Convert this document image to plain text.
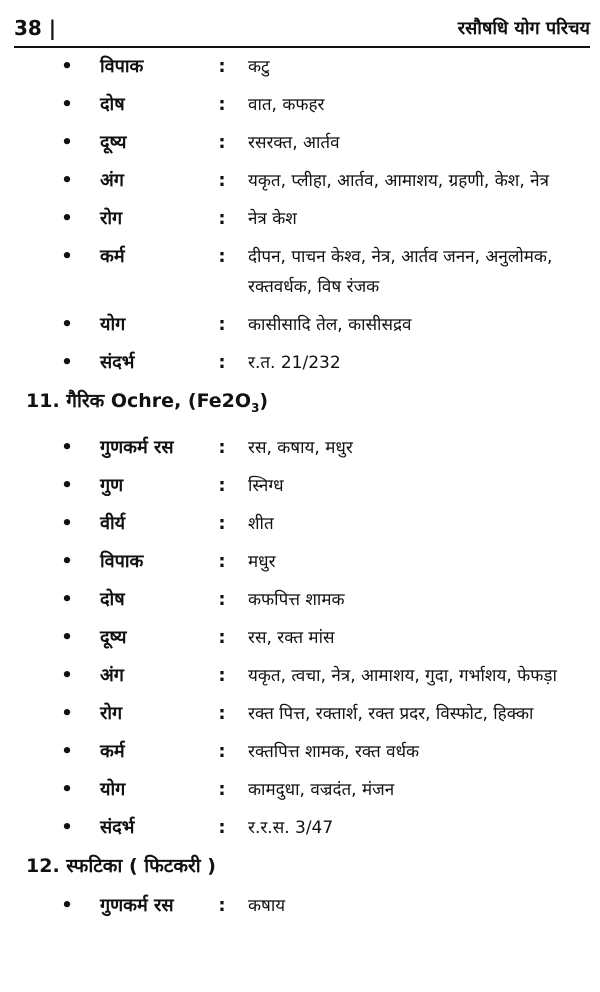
38 |	रसौषधि योग परिचय
• विपाक	: कटु
• दोष	: वात, कफहर
• दूष्य	: रसरक्त, आर्तव
• अंग	: यकृत, प्लीहा, आर्तव, आमाशय, ग्रहणी, केश, नेत्र
• रोग	: नेत्र केश
• कर्म	: दीपन, पाचन केश्व, नेत्र, आर्तव जनन, अनुलोमक, रक्तवर्धक, विष रंजक
• योग	: कासीसादि तेल, कासीसद्रव
• संदर्भ	: र.त. 21/232
11. गैरिक Ochre, $(Fe2O_3)$
• गुणकर्म रस	: रस, कषाय, मधुर
• गुण	: स्निग्ध
• वीर्य	: शीत
• विपाक	: मधुर
• दोष	: कफपित्त शामक
• दूष्य	: रस, रक्त मांस
• अंग	: यकृत, त्वचा, नेत्र, आमाशय, गुदा, गर्भाशय, फेफड़ा
• रोग	: रक्त पित्त, रक्तार्श, रक्त प्रदर, विस्फोट, हिक्का
• कर्म	: रक्तपित्त शामक, रक्त वर्धक
• योग	: कामदुधा, वज्रदंत, मंजन
• संदर्भ	: र.र.स. 3/47
12. स्फटिका ( फिटकरी )
• गुणकर्म रस	: कषाय
